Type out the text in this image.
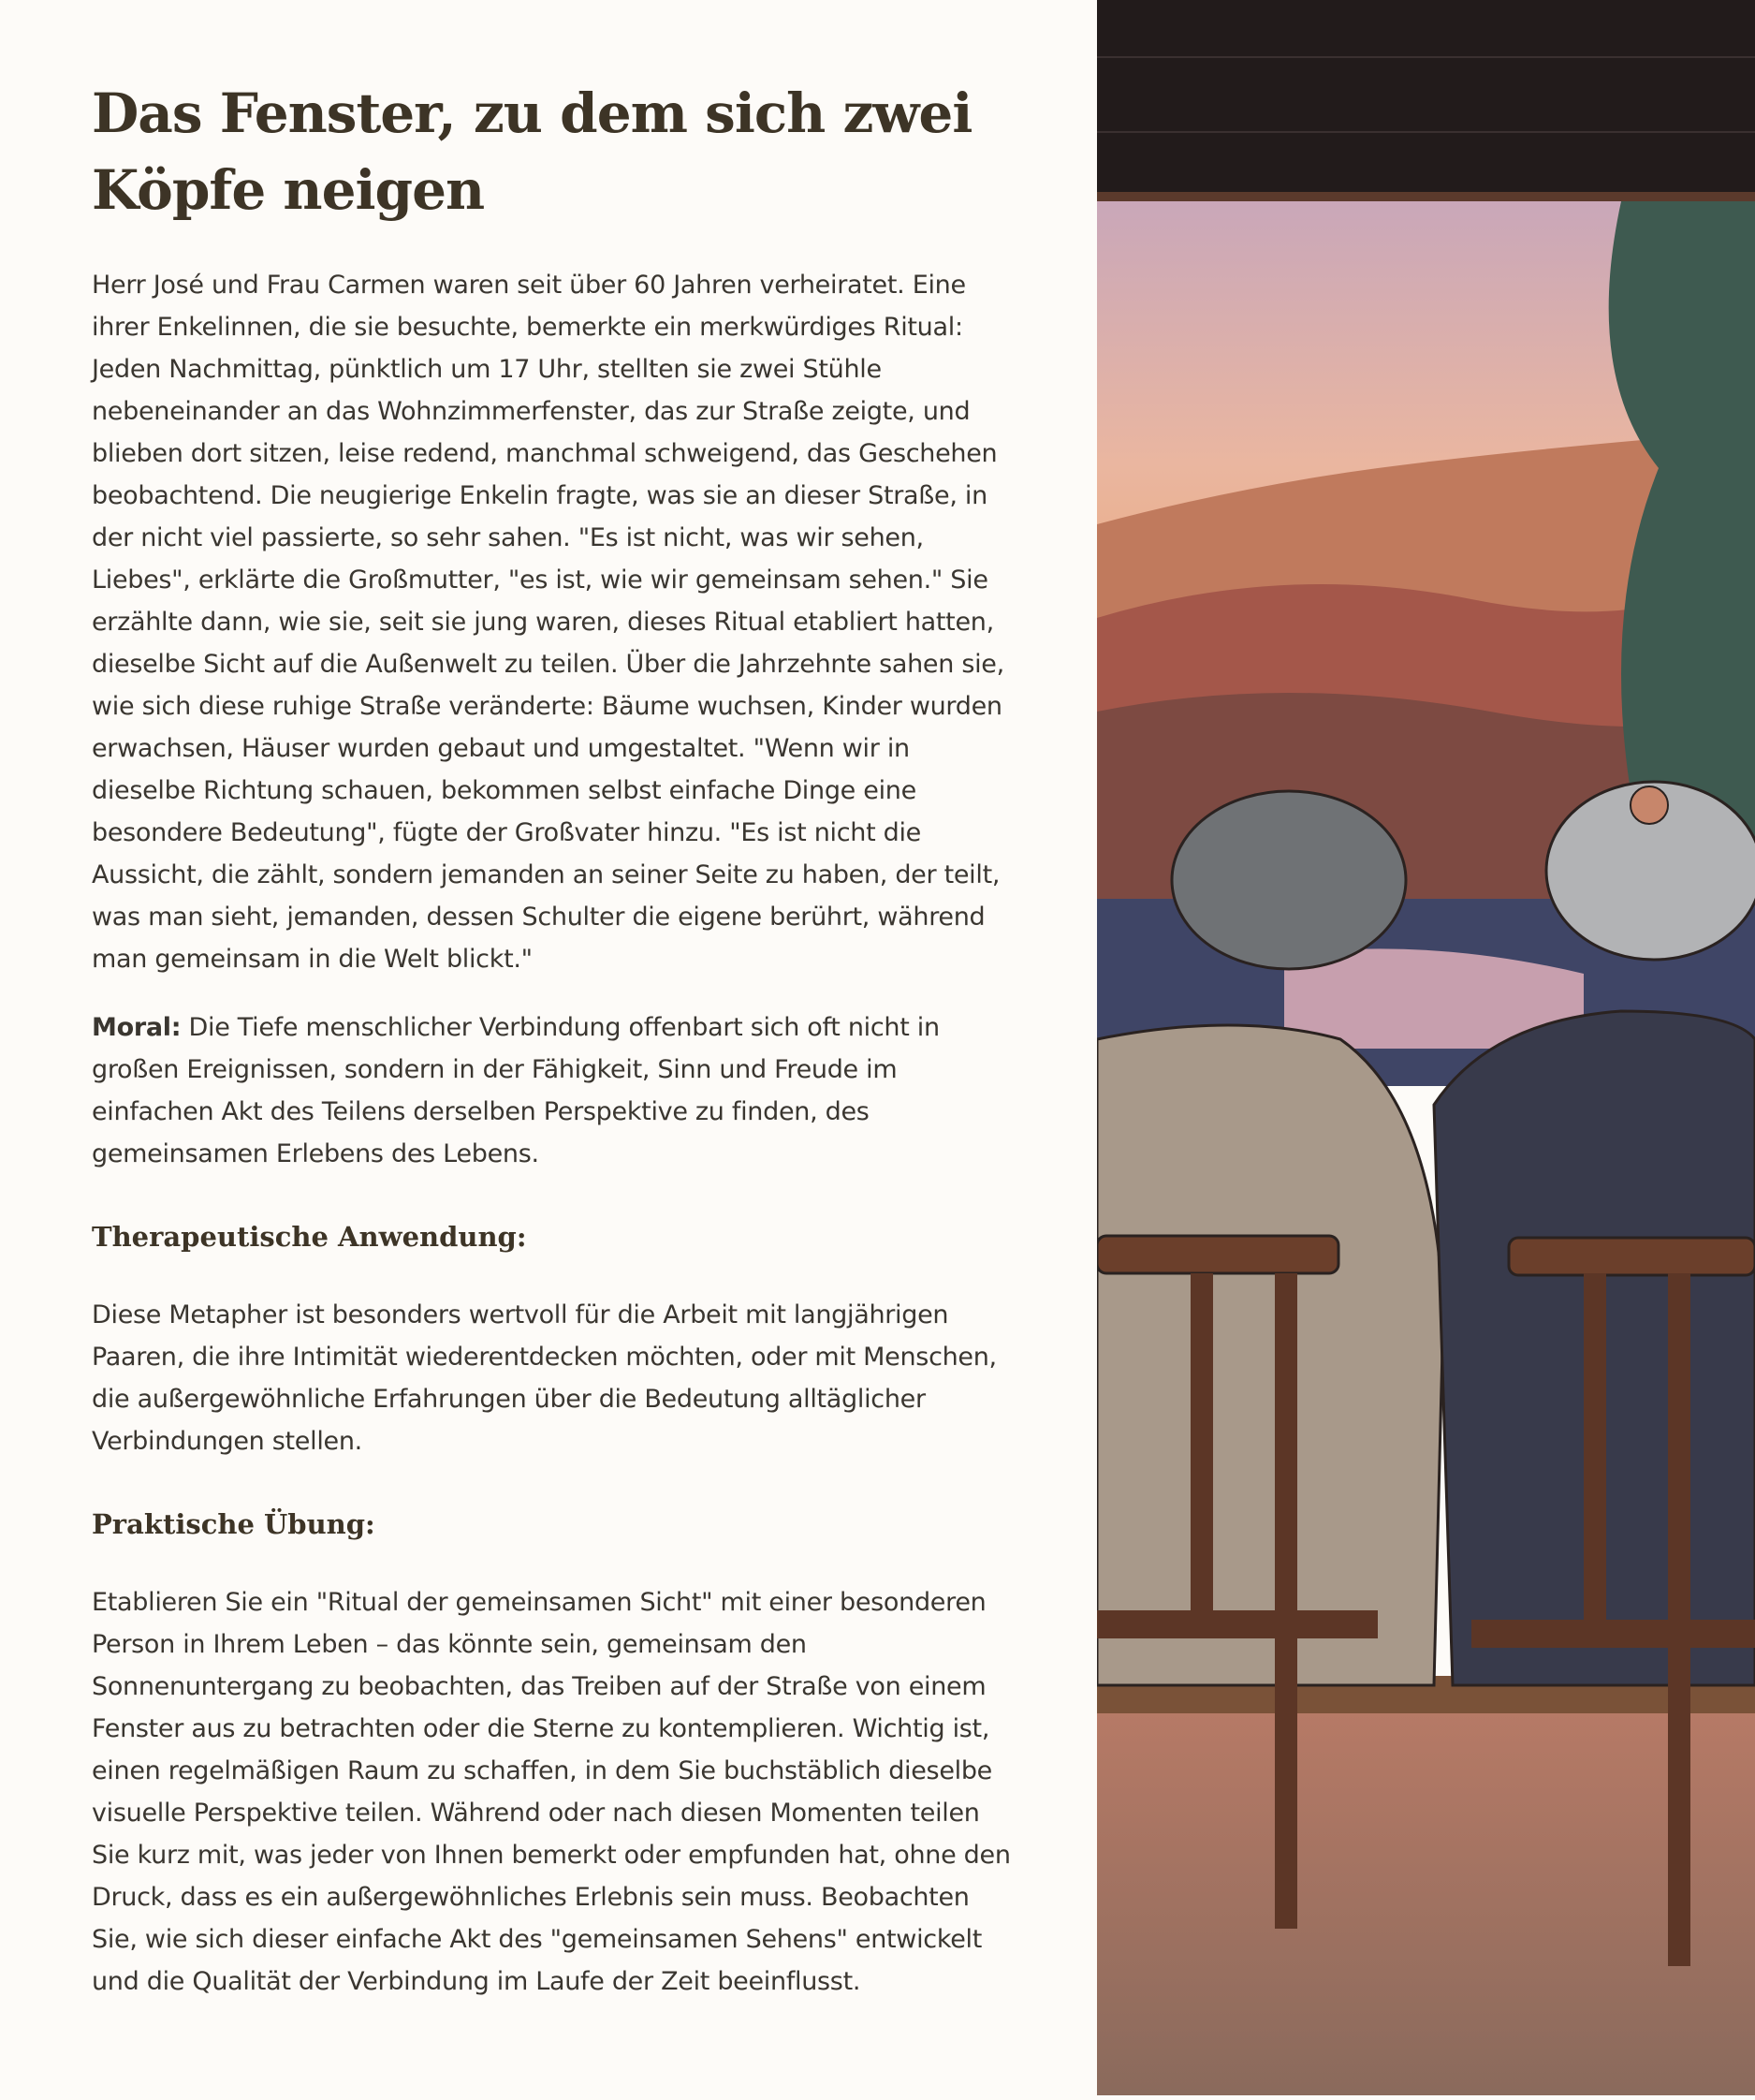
Das Fenster, zu dem sich zwei Köpfe neigen

Herr José und Frau Carmen waren seit über 60 Jahren verheiratet. Eine ihrer Enkelinnen, die sie besuchte, bemerkte ein merkwürdiges Ritual: Jeden Nachmittag, pünktlich um 17 Uhr, stellten sie zwei Stühle nebeneinander an das Wohnzimmerfenster, das zur Straße zeigte, und blieben dort sitzen, leise redend, manchmal schweigend, das Geschehen beobachtend. Die neugierige Enkelin fragte, was sie an dieser Straße, in der nicht viel passierte, so sehr sahen. "Es ist nicht, was wir sehen, Liebes", erklärte die Großmutter, "es ist, wie wir gemeinsam sehen." Sie erzählte dann, wie sie, seit sie jung waren, dieses Ritual etabliert hatten, dieselbe Sicht auf die Außenwelt zu teilen. Über die Jahrzehnte sahen sie, wie sich diese ruhige Straße veränderte: Bäume wuchsen, Kinder wurden erwachsen, Häuser wurden gebaut und umgestaltet. "Wenn wir in dieselbe Richtung schauen, bekommen selbst einfache Dinge eine besondere Bedeutung", fügte der Großvater hinzu. "Es ist nicht die Aussicht, die zählt, sondern jemanden an seiner Seite zu haben, der teilt, was man sieht, jemanden, dessen Schulter die eigene berührt, während man gemeinsam in die Welt blickt."

Moral: Die Tiefe menschlicher Verbindung offenbart sich oft nicht in großen Ereignissen, sondern in der Fähigkeit, Sinn und Freude im einfachen Akt des Teilens derselben Perspektive zu finden, des gemeinsamen Erlebens des Lebens.

Therapeutische Anwendung:

Diese Metapher ist besonders wertvoll für die Arbeit mit langjährigen Paaren, die ihre Intimität wiederentdecken möchten, oder mit Menschen, die außergewöhnliche Erfahrungen über die Bedeutung alltäglicher Verbindungen stellen.

Praktische Übung:

Etablieren Sie ein "Ritual der gemeinsamen Sicht" mit einer besonderen Person in Ihrem Leben – das könnte sein, gemeinsam den Sonnenuntergang zu beobachten, das Treiben auf der Straße von einem Fenster aus zu betrachten oder die Sterne zu kontemplieren. Wichtig ist, einen regelmäßigen Raum zu schaffen, in dem Sie buchstäblich dieselbe visuelle Perspektive teilen. Während oder nach diesen Momenten teilen Sie kurz mit, was jeder von Ihnen bemerkt oder empfunden hat, ohne den Druck, dass es ein außergewöhnliches Erlebnis sein muss. Beobachten Sie, wie sich dieser einfache Akt des "gemeinsamen Sehens" entwickelt und die Qualität der Verbindung im Laufe der Zeit beeinflusst.
